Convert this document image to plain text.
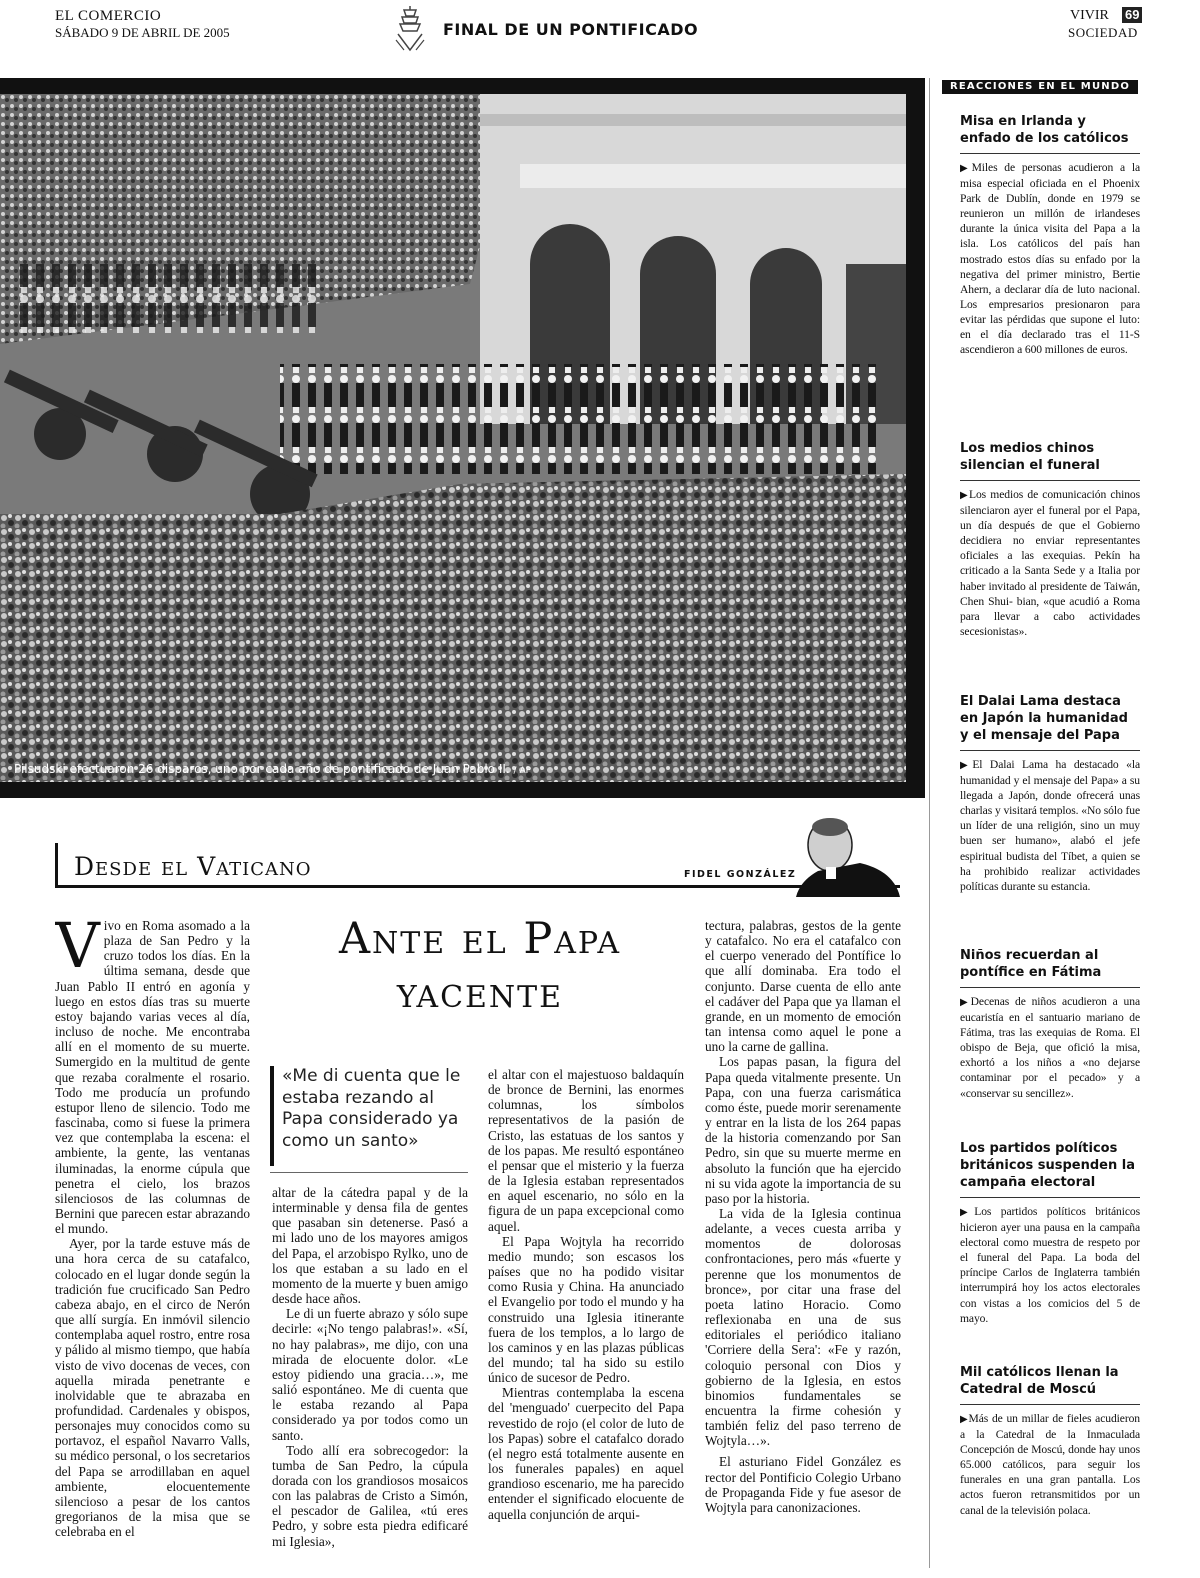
EL COMERCIO
SÁBADO 9 DE ABRIL DE 2005	FINAL DE UN PONTIFICADO
VIVIR 69
SOCIEDAD
Pilsudski efectuaron 26 disparos, uno por cada año de pontificado de Juan Pablo II. / AP
REACCIONES EN EL MUNDO
Misa en Irlanda y enfado de los católicos

▶ Miles de personas acudieron a la misa especial oficiada en el Phoenix Park de Dublín, donde en 1979 se reunieron un millón de irlandeses durante la única visita del Papa a la isla. Los católicos del país han mostrado estos días su enfado por la negativa del primer ministro, Bertie Ahern, a declarar día de luto nacional. Los empresarios presionaron para evitar las pérdidas que supone el luto: en el día declarado tras el 11-S ascendieron a 600 millones de euros.

Los medios chinos silencian el funeral

▶ Los medios de comunicación chinos silenciaron ayer el funeral por el Papa, un día después de que el Gobierno decidiera no enviar representantes oficiales a las exequias. Pekín ha criticado a la Santa Sede y a Italia por haber invitado al presidente de Taiwán, Chen Shui- bian, «que acudió a Roma para llevar a cabo actividades secesionistas».

El Dalai Lama destaca en Japón la humanidad y el mensaje del Papa

▶ El Dalai Lama ha destacado «la humanidad y el mensaje del Papa» a su llegada a Japón, donde ofrecerá unas charlas y visitará templos. «No sólo fue un líder de una religión, sino un muy buen ser humano», alabó el jefe espiritual budista del Tíbet, a quien se ha prohibido realizar actividades políticas durante su estancia.

Niños recuerdan al pontífice en Fátima

▶ Decenas de niños acudieron a una eucaristía en el santuario mariano de Fátima, tras las exequias de Roma. El obispo de Beja, que ofició la misa, exhortó a los niños a «no dejarse contaminar por el pecado» y a «conservar su sencillez».

Los partidos políticos británicos suspenden la campaña electoral

▶ Los partidos políticos británicos hicieron ayer una pausa en la campaña electoral como muestra de respeto por el funeral del Papa. La boda del príncipe Carlos de Inglaterra también interrumpirá hoy los actos electorales con vistas a los comicios del 5 de mayo.

Mil católicos llenan la Catedral de Moscú

▶ Más de un millar de fieles acudieron a la Catedral de la Inmaculada Concepción de Moscú, donde hay unos 65.000 católicos, para seguir los funerales en una gran pantalla. Los actos fueron retransmitidos por un canal de la televisión polaca.

Desde el Vaticano	FIDEL GONZÁLEZ
Ante el Papa
yacente
«Me di cuenta que le estaba rezando al Papa considerado ya como un santo»
V ivo en Roma asomado a la plaza de San Pedro y la cruzo todos los días. En la última semana, desde que Juan Pablo II entró en agonía y luego en estos días tras su muerte estoy bajando varias veces al día, incluso de noche. Me encontraba allí en el momento de su muerte. Sumergido en la multitud de gente que rezaba coralmente el rosario. Todo me producía un profundo estupor lleno de silencio. Todo me fascinaba, como si fuese la primera vez que contemplaba la escena: el ambiente, la gente, las ventanas iluminadas, la enorme cúpula que penetra el cielo, los brazos silenciosos de las columnas de Bernini que parecen estar abrazando el mundo.

Ayer, por la tarde estuve más de una hora cerca de su catafalco, colocado en el lugar donde según la tradición fue crucificado San Pedro cabeza abajo, en el circo de Nerón que allí surgía. En inmóvil silencio contemplaba aquel rostro, entre rosa y pálido al mismo tiempo, que había visto de vivo docenas de veces, con aquella mirada penetrante e inolvidable que te abrazaba en profundidad. Cardenales y obispos, personajes muy conocidos como su portavoz, el español Navarro Valls, su médico personal, o los secretarios del Papa se arrodillaban en aquel ambiente, elocuentemente silencioso a pesar de los cantos gregorianos de la misa que se celebraba en el

altar de la cátedra papal y de la interminable y densa fila de gentes que pasaban sin detenerse. Pasó a mi lado uno de los mayores amigos del Papa, el arzobispo Rylko, uno de los que estaban a su lado en el momento de la muerte y buen amigo desde hace años.

Le di un fuerte abrazo y sólo supe decirle: «¡No tengo palabras!». «Sí, no hay palabras», me dijo, con una mirada de elocuente dolor. «Le estoy pidiendo una gracia…», me salió espontáneo. Me di cuenta que le estaba rezando al Papa considerado ya por todos como un santo.

Todo allí era sobrecogedor: la tumba de San Pedro, la cúpula dorada con los grandiosos mosaicos con las palabras de Cristo a Simón, el pescador de Galilea, «tú eres Pedro, y sobre esta piedra edificaré mi Iglesia»,

el altar con el majestuoso baldaquín de bronce de Bernini, las enormes columnas, los símbolos representativos de la pasión de Cristo, las estatuas de los santos y de los papas. Me resultó espontáneo el pensar que el misterio y la fuerza de la Iglesia estaban representados en aquel escenario, no sólo en la figura de un papa excepcional como aquel.

El Papa Wojtyla ha recorrido medio mundo; son escasos los países que no ha podido visitar como Rusia y China. Ha anunciado el Evangelio por todo el mundo y ha construido una Iglesia itinerante fuera de los templos, a lo largo de los caminos y en las plazas públicas del mundo; tal ha sido su estilo único de sucesor de Pedro.

Mientras contemplaba la escena del 'menguado' cuerpecito del Papa revestido de rojo (el color de luto de los Papas) sobre el catafalco dorado (el negro está totalmente ausente en los funerales papales) en aquel grandioso escenario, me ha parecido entender el significado elocuente de aquella conjunción de arqui-

tectura, palabras, gestos de la gente y catafalco. No era el catafalco con el cuerpo venerado del Pontífice lo que allí dominaba. Era todo el conjunto. Darse cuenta de ello ante el cadáver del Papa que ya llaman el grande, en un momento de emoción tan intensa como aquel le pone a uno la carne de gallina.

Los papas pasan, la figura del Papa queda vitalmente presente. Un Papa, con una fuerza carismática como éste, puede morir serenamente y entrar en la lista de los 264 papas de la historia comenzando por San Pedro, sin que su muerte merme en absoluto la función que ha ejercido ni su vida agote la importancia de su paso por la historia.

La vida de la Iglesia continua adelante, a veces cuesta arriba y momentos de dolorosas confrontaciones, pero más «fuerte y perenne que los monumentos de bronce», por citar una frase del poeta latino Horacio. Como reflexionaba en una de sus editoriales el periódico italiano 'Corriere della Sera': «Fe y razón, coloquio personal con Dios y gobierno de la Iglesia, en estos binomios fundamentales se encuentra la firme cohesión y también feliz del paso terreno de Wojtyla…».

El asturiano Fidel González es rector del Pontificio Colegio Urbano de Propaganda Fide y fue asesor de Wojtyla para canonizaciones.
